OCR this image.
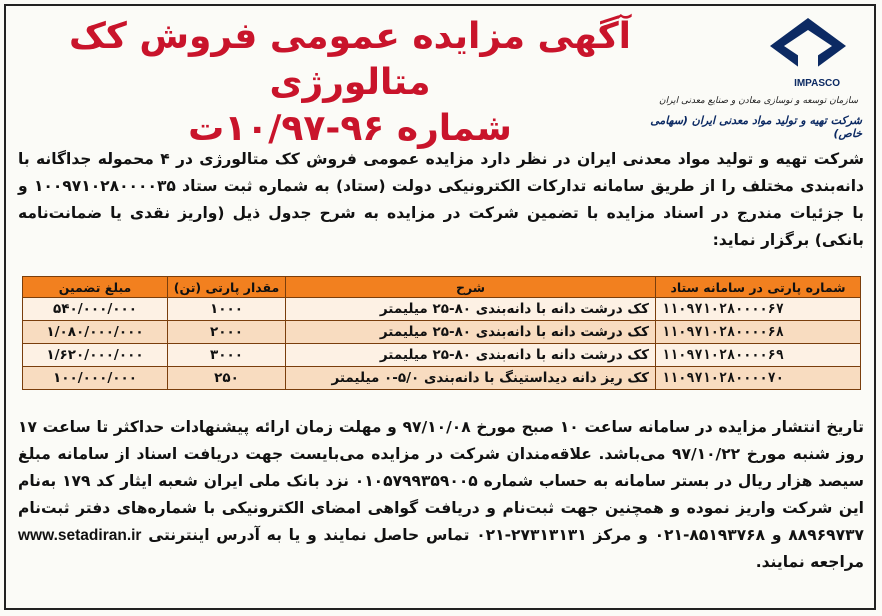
آگهی مزایده عمومی فروش کک متالورژی
شماره ۹۶-۱۰/۹۷ت
IMPASCO
سازمان توسعه و نوسازی معادن و صنایع معدنی ایران
شرکت تهیه و تولید مواد معدنی ایران (سهامی خاص)
شرکت تهیه و تولید مواد معدنی ایران در نظر دارد مزایده عمومی فروش کک متالورژی در ۴ محموله جداگانه با دانه‌بندی مختلف را از طریق سامانه تدارکات الکترونیکی دولت (ستاد) به شماره ثبت ستاد ۱۰۰۹۷۱۰۲۸۰۰۰۰۳۵ و با جزئیات مندرج در اسناد مزایده با تضمین شرکت در مزایده به شرح جدول ذیل (واریز نقدی یا ضمانت‌نامه بانکی) برگزار نماید:
شماره پارتی در سامانه ستاد	شرح	مقدار پارتی (تن)	مبلغ تضمین
۱۱۰۹۷۱۰۲۸۰۰۰۰۶۷	کک درشت دانه با دانه‌بندی ۸۰-۲۵ میلیمتر	۱۰۰۰	۵۴۰/۰۰۰/۰۰۰
۱۱۰۹۷۱۰۲۸۰۰۰۰۶۸	کک درشت دانه با دانه‌بندی ۸۰-۲۵ میلیمتر	۲۰۰۰	۱/۰۸۰/۰۰۰/۰۰۰
۱۱۰۹۷۱۰۲۸۰۰۰۰۶۹	کک درشت دانه با دانه‌بندی ۸۰-۲۵ میلیمتر	۳۰۰۰	۱/۶۲۰/۰۰۰/۰۰۰
۱۱۰۹۷۱۰۲۸۰۰۰۰۷۰	کک ریز دانه دیداستینگ با دانه‌بندی ۵/۰-۰ میلیمتر	۲۵۰	۱۰۰/۰۰۰/۰۰۰
تاریخ انتشار مزایده در سامانه ساعت ۱۰ صبح مورخ ۹۷/۱۰/۰۸ و مهلت زمان ارائه پیشنهادات حداکثر تا ساعت ۱۷ روز شنبه مورخ ۹۷/۱۰/۲۲ می‌باشد. علاقه‌مندان شرکت در مزایده می‌بایست جهت دریافت اسناد از سامانه مبلغ سیصد هزار ریال در بستر سامانه به حساب شماره ۰۱۰۵۷۹۹۳۵۹۰۰۵ نزد بانک ملی ایران شعبه ایثار کد ۱۷۹ به‌نام این شرکت واریز نموده و همچنین جهت ثبت‌نام و دریافت گواهی امضای الکترونیکی با شماره‌های دفتر ثبت‌نام ۸۸۹۶۹۷۳۷ و ۸۵۱۹۳۷۶۸-۰۲۱ و مرکز ۲۷۳۱۳۱۳۱-۰۲۱ تماس حاصل نمایند و یا به آدرس اینترنتی www.setadiran.ir مراجعه نمایند.
